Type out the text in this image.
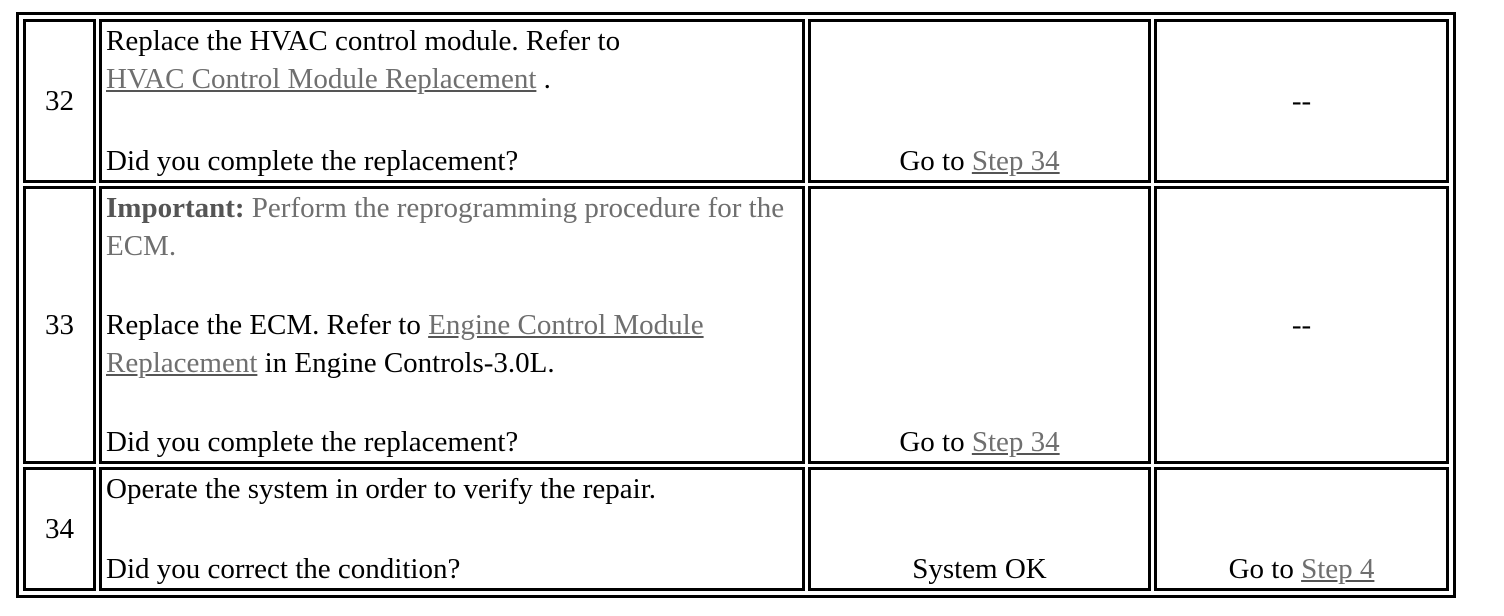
32	Replace the HVAC control module. Refer to
HVAC Control Module Replacement .
Did you complete the replacement?	Go to Step 34	--
33	Important: Perform the reprogramming procedure for the ECM.
Replace the ECM. Refer to Engine Control Module Replacement in Engine Controls-3.0L.
Did you complete the replacement?	Go to Step 34	--
34	Operate the system in order to verify the repair.
Did you correct the condition?	System OK	Go to Step 4
